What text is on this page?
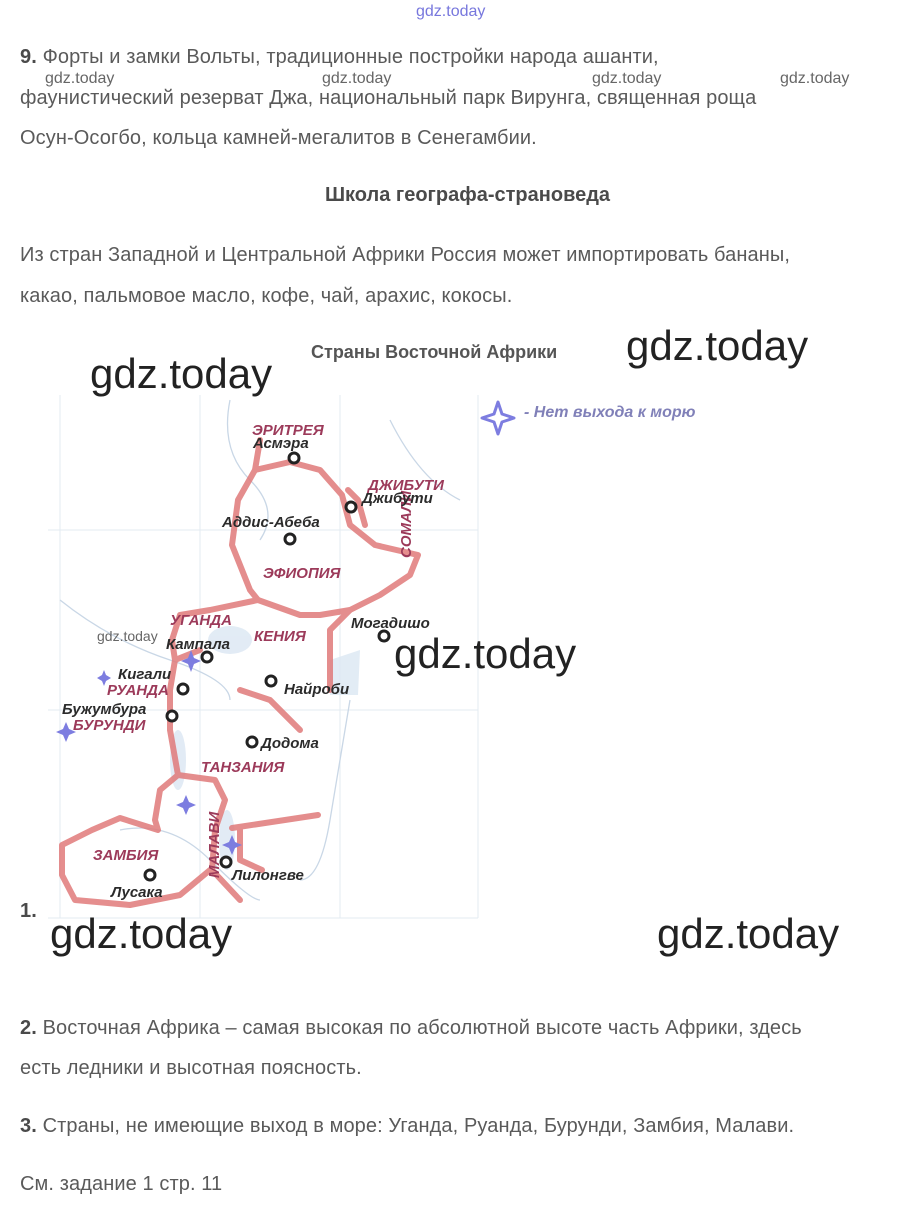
gdz.today
9. Форты и замки Вольты, традиционные постройки народа ашанти,
gdz.today	gdz.today	gdz.today	gdz.today
фаунистический резерват Джа, национальный парк Вирунга, священная роща
Осун-Осогбо, кольца камней-мегалитов в Сенегамбии.
Школа географа-страноведа
Из стран Западной и Центральной Африки Россия может импортировать бананы,
какао, пальмовое масло, кофе, чай, арахис, кокосы.
Страны Восточной Африки gdz.today
gdz.today
- Нет выхода к морю
ЭРИТРЕЯ
ДЖИБУТИ
ЭФИОПИЯ
СОМАЛИ
УГАНДА
КЕНИЯ
РУАНДА
БУРУНДИ
ТАНЗАНИЯ
ЗАМБИЯ	МАЛАВИ
Асмэра
Джибути
Аддис-Абеба
Могадишо
Кампала
Кигали
Найроби
Бужумбура
Додома
Лусака
Лилонгве
gdz.today	gdz.today
1. gdz.today	gdz.today
2. Восточная Африка – самая высокая по абсолютной высоте часть Африки, здесь
есть ледники и высотная поясность.
3. Страны, не имеющие выход в море: Уганда, Руанда, Бурунди, Замбия, Малави.
См. задание 1 стр. 11
